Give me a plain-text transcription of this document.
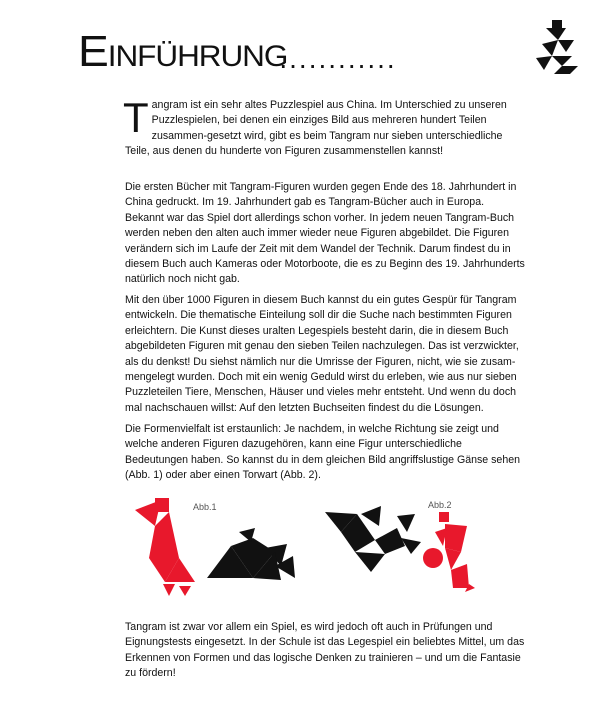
EINFÜHRUNG
............

Tangram ist ein sehr altes Puzzlespiel aus China. Im Unterschied zu unseren Puzzlespielen, bei denen ein einziges Bild aus mehreren hundert Teilen zusammen-gesetzt wird, gibt es beim Tangram nur sieben unterschiedliche Teile, aus denen du hunderte von Figuren zusammenstellen kannst!

Die ersten Bücher mit Tangram-Figuren wurden gegen Ende des 18. Jahrhundert in China gedruckt. Im 19. Jahrhundert gab es Tangram-Bücher auch in Europa. Bekannt war das Spiel dort allerdings schon vorher. In jedem neuen Tangram-Buch werden neben den alten auch immer wieder neue Figuren abgebildet. Die Figuren verändern sich im Laufe der Zeit mit dem Wandel der Technik. Darum findest du in diesem Buch auch Kameras oder Motorboote, die es zu Beginn des 19. Jahrhunderts natürlich noch nicht gab.

Mit den über 1000 Figuren in diesem Buch kannst du ein gutes Gespür für Tangram entwickeln. Die thematische Einteilung soll dir die Suche nach bestimmten Figuren erleichtern. Die Kunst dieses uralten Legespiels besteht darin, die in diesem Buch abgebildeten Figuren mit genau den sieben Teilen nachzulegen. Das ist verzwickter, als du denkst! Du siehst nämlich nur die Umrisse der Figuren, nicht, wie sie zusam-mengelegt wurden. Doch mit ein wenig Geduld wirst du erleben, wie aus nur sieben Puzzleteilen Tiere, Menschen, Häuser und vieles mehr entsteht. Und wenn du doch mal nachschauen willst: Auf den letzten Buchseiten findest du die Lösungen.

Die Formenvielfalt ist erstaunlich: Je nachdem, in welche Richtung sie zeigt und welche anderen Figuren dazugehören, kann eine Figur unterschiedliche Bedeutungen haben. So kannst du in dem gleichen Bild angriffslustige Gänse sehen (Abb. 1) oder aber einen Torwart (Abb. 2).

Abb.1	Abb.2

Tangram ist zwar vor allem ein Spiel, es wird jedoch oft auch in Prüfungen und Eignungstests eingesetzt. In der Schule ist das Legespiel ein beliebtes Mittel, um das Erkennen von Formen und das logische Denken zu trainieren – und um die Fantasie zu fördern!
